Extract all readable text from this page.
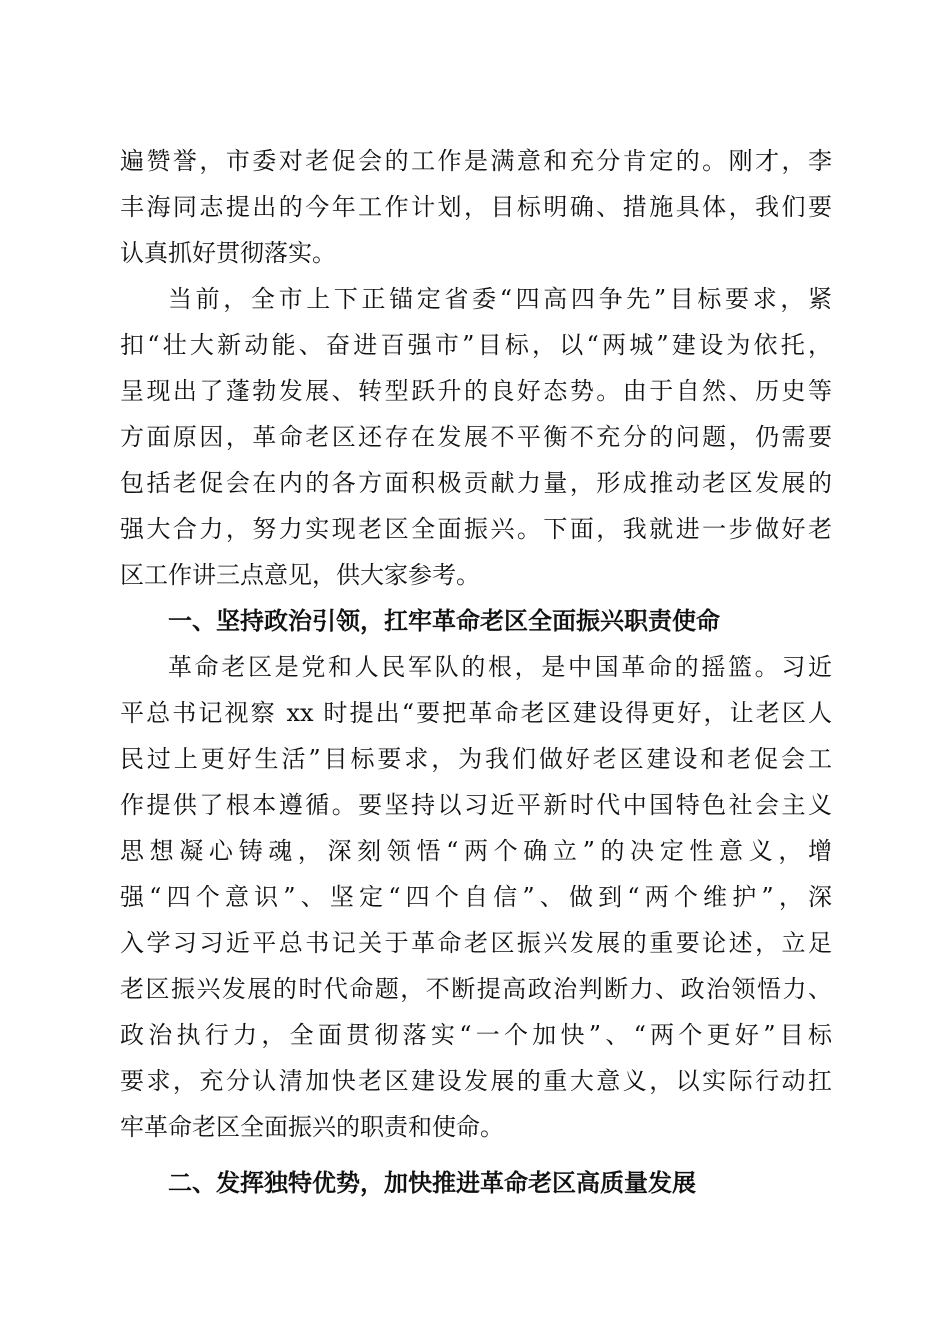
遍赞誉，市委对老促会的工作是满意和充分肯定的。刚才，李
丰海同志提出的今年工作计划，目标明确、措施具体，我们要
认真抓好贯彻落实。
当前，全市上下正锚定省委“四高四争先”目标要求，紧
扣“壮大新动能、奋进百强市”目标，以“两城”建设为依托，
呈现出了蓬勃发展、转型跃升的良好态势。由于自然、历史等
方面原因，革命老区还存在发展不平衡不充分的问题，仍需要
包括老促会在内的各方面积极贡献力量，形成推动老区发展的
强大合力，努力实现老区全面振兴。下面，我就进一步做好老
区工作讲三点意见，供大家参考。
一、坚持政治引领，扛牢革命老区全面振兴职责使命
革命老区是党和人民军队的根，是中国革命的摇篮。习近
平总书记视察 xx 时提出“要把革命老区建设得更好，让老区人
民过上更好生活”目标要求，为我们做好老区建设和老促会工
作提供了根本遵循。要坚持以习近平新时代中国特色社会主义
思想凝心铸魂，深刻领悟“两个确立”的决定性意义，增
强“四个意识”、坚定“四个自信”、做到“两个维护”，深
入学习习近平总书记关于革命老区振兴发展的重要论述，立足
老区振兴发展的时代命题，不断提高政治判断力、政治领悟力、
政治执行力，全面贯彻落实“一个加快”、“两个更好”目标
要求，充分认清加快老区建设发展的重大意义，以实际行动扛
牢革命老区全面振兴的职责和使命。
二、发挥独特优势，加快推进革命老区高质量发展
